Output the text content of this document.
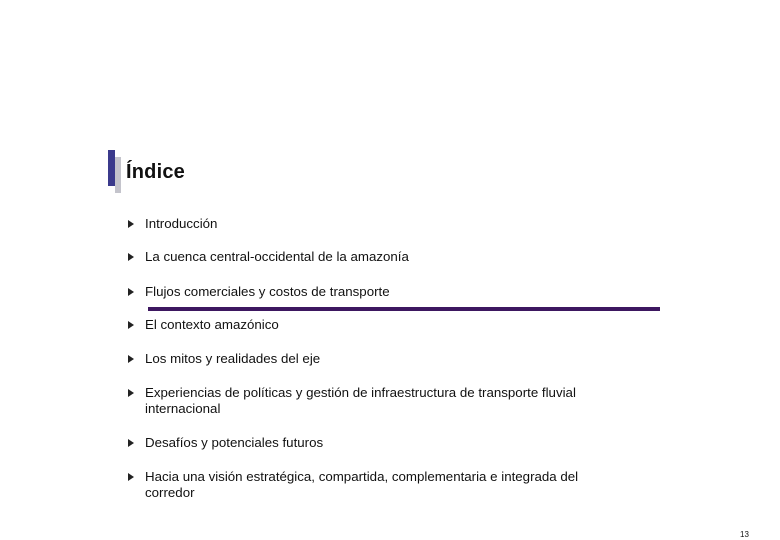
Índice
Introducción
La cuenca central-occidental de la amazonía
Flujos comerciales y costos de transporte
El contexto amazónico
Los mitos y realidades del eje
Experiencias de políticas y gestión de infraestructura de transporte fluvial internacional
Desafíos y potenciales futuros
Hacia una visión estratégica, compartida, complementaria e integrada del corredor
13
